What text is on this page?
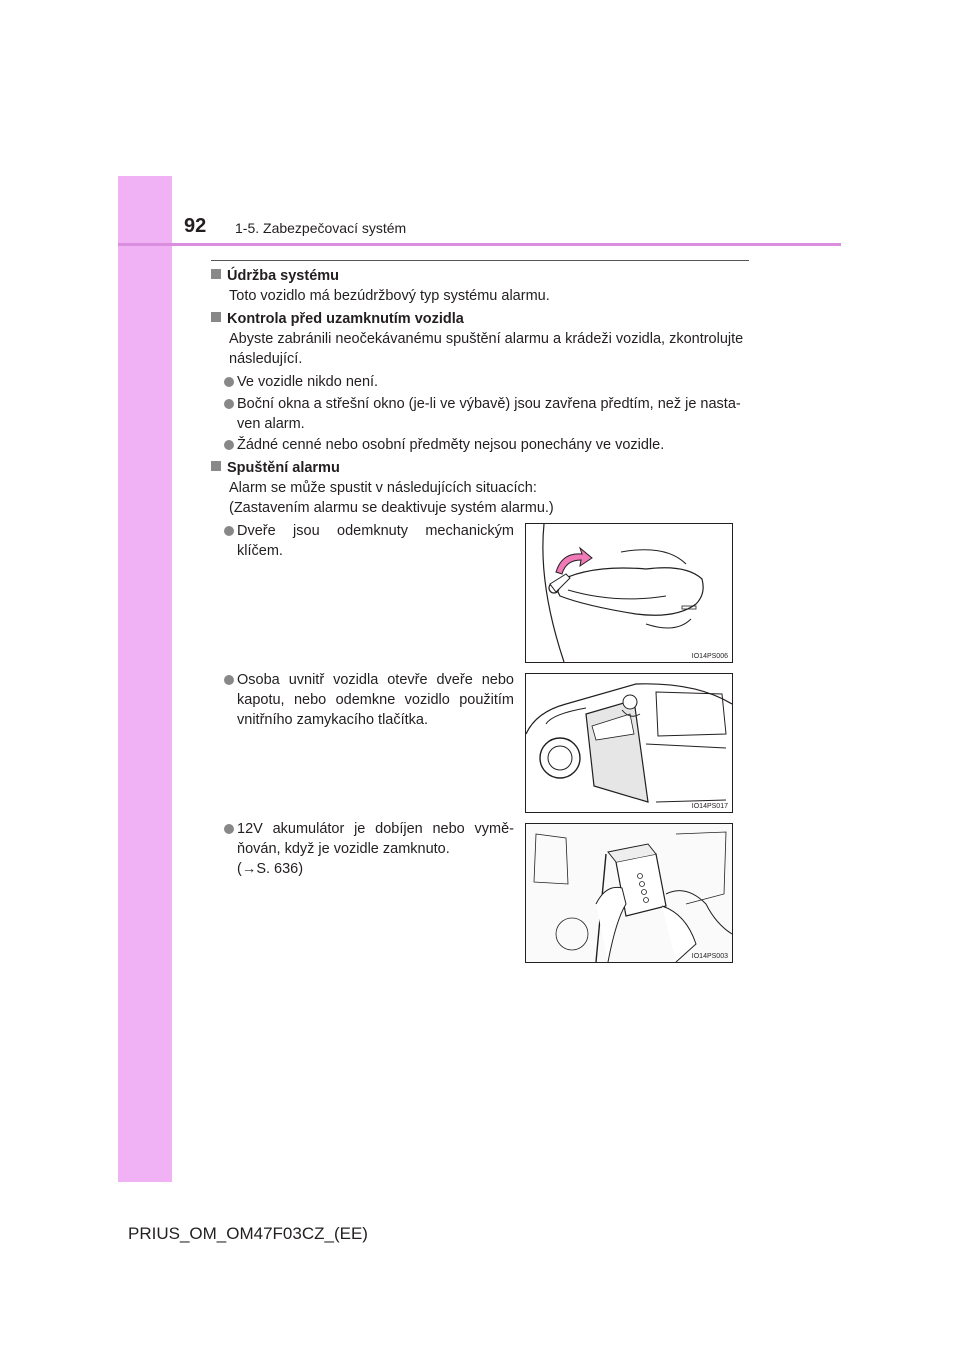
92 1-5. Zabezpečovací systém
Údržba systému
Toto vozidlo má bezúdržbový typ systému alarmu.
Kontrola před uzamknutím vozidla
Abyste zabránili neočekávanému spuštění alarmu a krádeži vozidla, zkontrolujte následující.
Ve vozidle nikdo není.
Boční okna a střešní okno (je-li ve výbavě) jsou zavřena předtím, než je nasta-ven alarm.
Žádné cenné nebo osobní předměty nejsou ponechány ve vozidle.
Spuštění alarmu
Alarm se může spustit v následujících situacích:
(Zastavením alarmu se deaktivuje systém alarmu.)
Dveře jsou odemknuty mechanickým klíčem.
Osoba uvnitř vozidla otevře dveře nebo kapotu, nebo odemkne vozidlo použitím vnitřního zamykacího tlačítka.
12V akumulátor je dobíjen nebo vymě-ňován, když je vozidle zamknuto.
(→S. 636)
IO14PS006
IO14PS017
IO14PS003
PRIUS_OM_OM47F03CZ_(EE)
